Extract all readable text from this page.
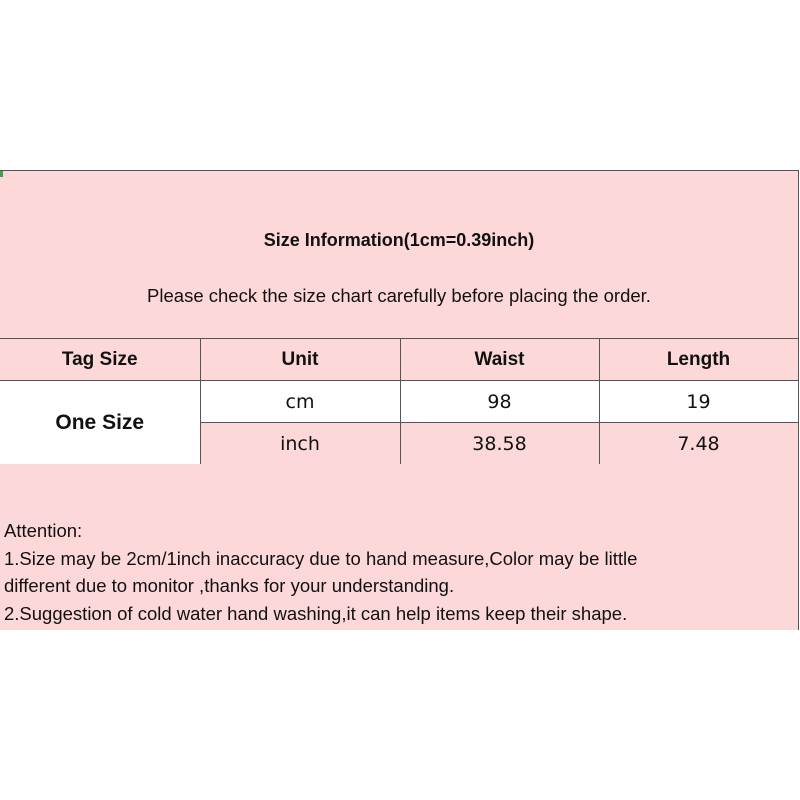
Size Information(1cm=0.39inch)
Please check the size chart carefully before placing the order.
Tag Size	Unit	Waist	Length
One Size	cm	98	19
	inch	38.58	7.48
Attention:
1.Size may be 2cm/1inch inaccuracy due to hand measure,Color may be little
different due to monitor ,thanks for your understanding.
2.Suggestion of cold water hand washing,it can help items keep their shape.
